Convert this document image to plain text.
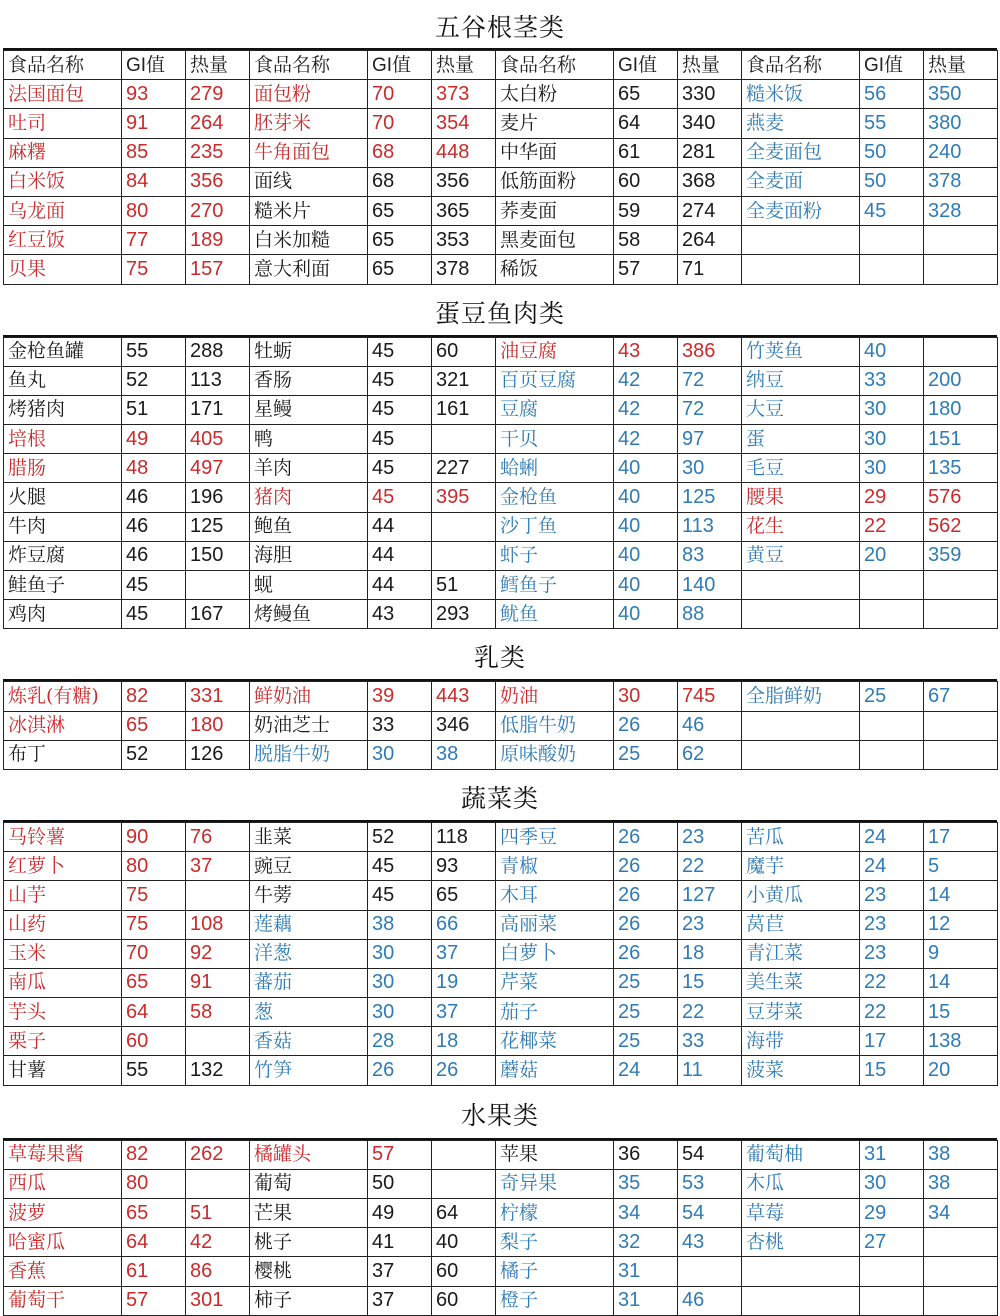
五谷根茎类
食品名称	GI值	热量	食品名称	GI值	热量	食品名称	GI值	热量	食品名称	GI值	热量
法国面包	93	279	面包粉	70	373	太白粉	65	330	糙米饭	56	350
吐司	91	264	胚芽米	70	354	麦片	64	340	燕麦	55	380
麻糬	85	235	牛角面包	68	448	中华面	61	281	全麦面包	50	240
白米饭	84	356	面线	68	356	低筋面粉	60	368	全麦面	50	378
乌龙面	80	270	糙米片	65	365	荞麦面	59	274	全麦面粉	45	328
红豆饭	77	189	白米加糙	65	353	黑麦面包	58	264			
贝果	75	157	意大利面	65	378	稀饭	57	71			
蛋豆鱼肉类
金枪鱼罐	55	288	牡蛎	45	60	油豆腐	43	386	竹荚鱼	40	
鱼丸	52	113	香肠	45	321	百页豆腐	42	72	纳豆	33	200
烤猪肉	51	171	星鳗	45	161	豆腐	42	72	大豆	30	180
培根	49	405	鸭	45		干贝	42	97	蛋	30	151
腊肠	48	497	羊肉	45	227	蛤蜊	40	30	毛豆	30	135
火腿	46	196	猪肉	45	395	金枪鱼	40	125	腰果	29	576
牛肉	46	125	鲍鱼	44		沙丁鱼	40	113	花生	22	562
炸豆腐	46	150	海胆	44		虾子	40	83	黄豆	20	359
鲑鱼子	45		蚬	44	51	鳕鱼子	40	140			
鸡肉	45	167	烤鳗鱼	43	293	鱿鱼	40	88			
乳类
炼乳(有糖)	82	331	鲜奶油	39	443	奶油	30	745	全脂鲜奶	25	67
冰淇淋	65	180	奶油芝士	33	346	低脂牛奶	26	46			
布丁	52	126	脱脂牛奶	30	38	原味酸奶	25	62			
蔬菜类
马铃薯	90	76	韭菜	52	118	四季豆	26	23	苦瓜	24	17
红萝卜	80	37	豌豆	45	93	青椒	26	22	魔芋	24	5
山芋	75		牛蒡	45	65	木耳	26	127	小黄瓜	23	14
山药	75	108	莲藕	38	66	高丽菜	26	23	莴苣	23	12
玉米	70	92	洋葱	30	37	白萝卜	26	18	青江菜	23	9
南瓜	65	91	蕃茄	30	19	芹菜	25	15	美生菜	22	14
芋头	64	58	葱	30	37	茄子	25	22	豆芽菜	22	15
栗子	60		香菇	28	18	花椰菜	25	33	海带	17	138
甘薯	55	132	竹笋	26	26	蘑菇	24	11	菠菜	15	20
水果类
草莓果酱	82	262	橘罐头	57		苹果	36	54	葡萄柚	31	38
西瓜	80		葡萄	50		奇异果	35	53	木瓜	30	38
菠萝	65	51	芒果	49	64	柠檬	34	54	草莓	29	34
哈蜜瓜	64	42	桃子	41	40	梨子	32	43	杏桃	27	
香蕉	61	86	樱桃	37	60	橘子	31				
葡萄干	57	301	柿子	37	60	橙子	31	46			
